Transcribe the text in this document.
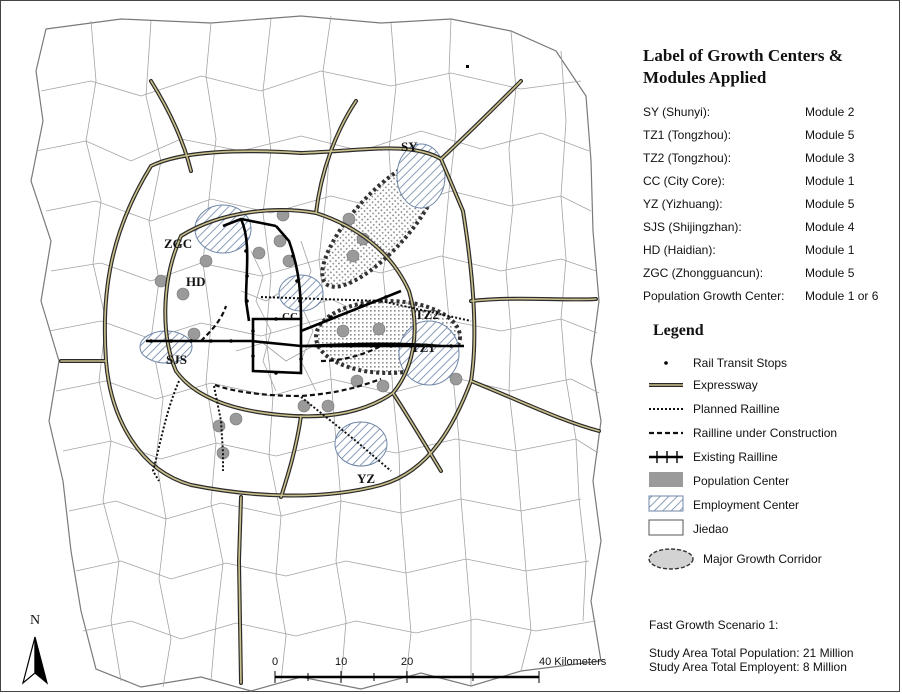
SY
ZGC
HD
SJS
CC	TZ2
TZ1
YZ
Label of Growth Centers & Modules Applied
SY (Shunyi):	Module 2
TZ1 (Tongzhou):	Module 5
TZ2 (Tongzhou):	Module 3
CC (City Core):	Module 1
YZ (Yizhuang):	Module 5
SJS (Shijingzhan):	Module 4
HD (Haidian):	Module 1
ZGC (Zhongguancun):	Module 5
Population Growth Center: Module 1 or 6
Legend
Rail Transit Stops
Expressway
Planned Railline
Railline under Construction
Existing Railline
Population Center
Employment Center
Jiedao
Major Growth Corridor
Fast Growth Scenario 1:
Study Area Total Population: 21 Million
Study Area Total Employent: 8 Million
0	10	20	40 Kilometers
N
